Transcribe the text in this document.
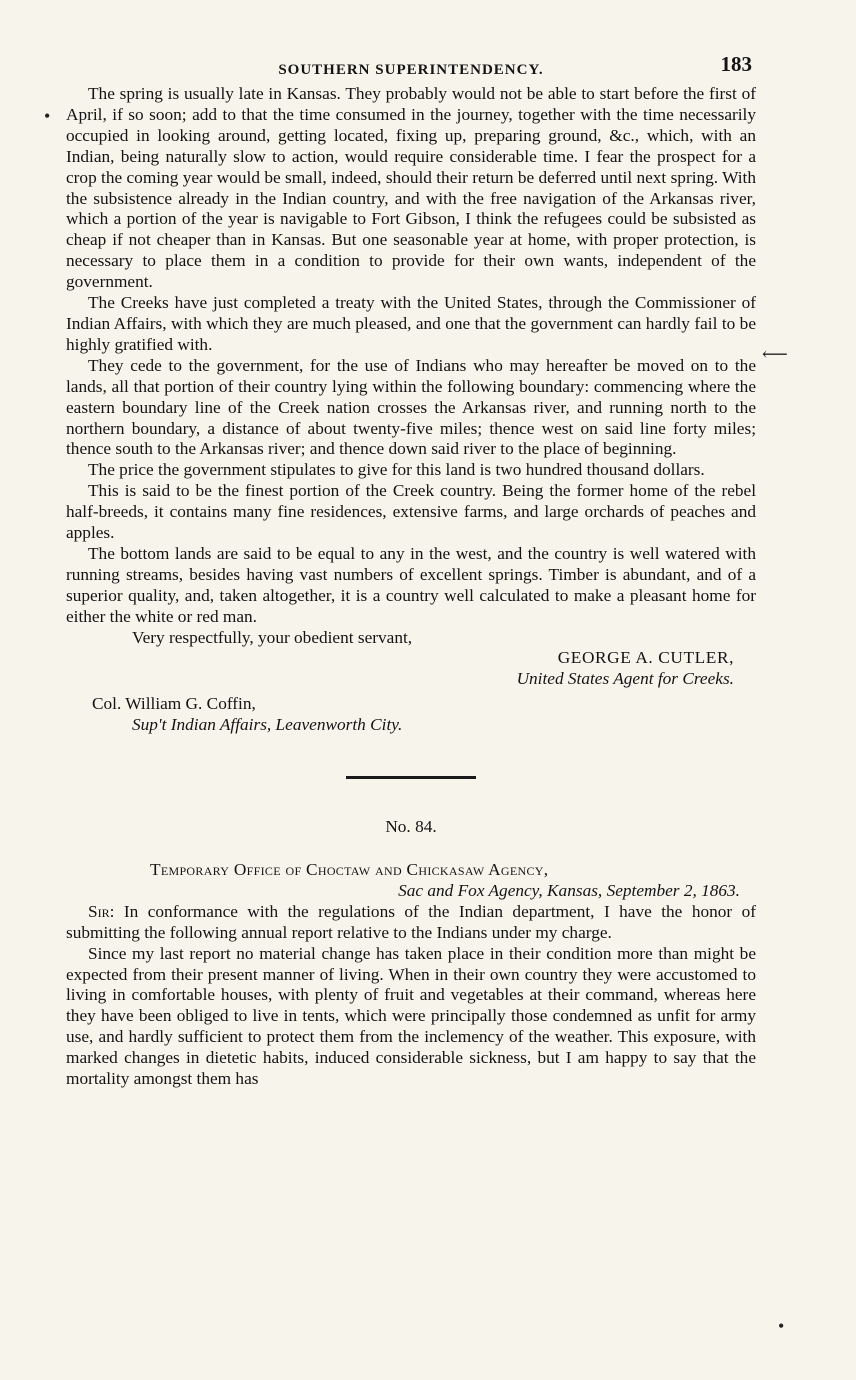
SOUTHERN SUPERINTENDENCY.	183

The spring is usually late in Kansas. They probably would not be able to start before the first of April, if so soon; add to that the time consumed in the journey, together with the time necessarily occupied in looking around, getting located, fixing up, preparing ground, &c., which, with an Indian, being naturally slow to action, would require considerable time. I fear the prospect for a crop the coming year would be small, indeed, should their return be deferred until next spring. With the subsistence already in the Indian country, and with the free navigation of the Arkansas river, which a portion of the year is navigable to Fort Gibson, I think the refugees could be subsisted as cheap if not cheaper than in Kansas. But one seasonable year at home, with proper protection, is necessary to place them in a condition to provide for their own wants, independent of the government.

The Creeks have just completed a treaty with the United States, through the Commissioner of Indian Affairs, with which they are much pleased, and one that the government can hardly fail to be highly gratified with.

They cede to the government, for the use of Indians who may hereafter be moved on to the lands, all that portion of their country lying within the following boundary: commencing where the eastern boundary line of the Creek nation crosses the Arkansas river, and running north to the northern boundary, a distance of about twenty-five miles; thence west on said line forty miles; thence south to the Arkansas river; and thence down said river to the place of beginning.

The price the government stipulates to give for this land is two hundred thousand dollars.

This is said to be the finest portion of the Creek country. Being the former home of the rebel half-breeds, it contains many fine residences, extensive farms, and large orchards of peaches and apples.

The bottom lands are said to be equal to any in the west, and the country is well watered with running streams, besides having vast numbers of excellent springs. Timber is abundant, and of a superior quality, and, taken altogether, it is a country well calculated to make a pleasant home for either the white or red man.

Very respectfully, your obedient servant,

GEORGE A. CUTLER,

United States Agent for Creeks.

Col. William G. Coffin,

Sup't Indian Affairs, Leavenworth City.

No. 84.

Temporary Office of Choctaw and Chickasaw Agency,

Sac and Fox Agency, Kansas, September 2, 1863.

Sir: In conformance with the regulations of the Indian department, I have the honor of submitting the following annual report relative to the Indians under my charge.

Since my last report no material change has taken place in their condition more than might be expected from their present manner of living. When in their own country they were accustomed to living in comfortable houses, with plenty of fruit and vegetables at their command, whereas here they have been obliged to live in tents, which were principally those condemned as unfit for army use, and hardly sufficient to protect them from the inclemency of the weather. This exposure, with marked changes in dietetic habits, induced considerable sickness, but I am happy to say that the mortality amongst them has

•
⟵
•
